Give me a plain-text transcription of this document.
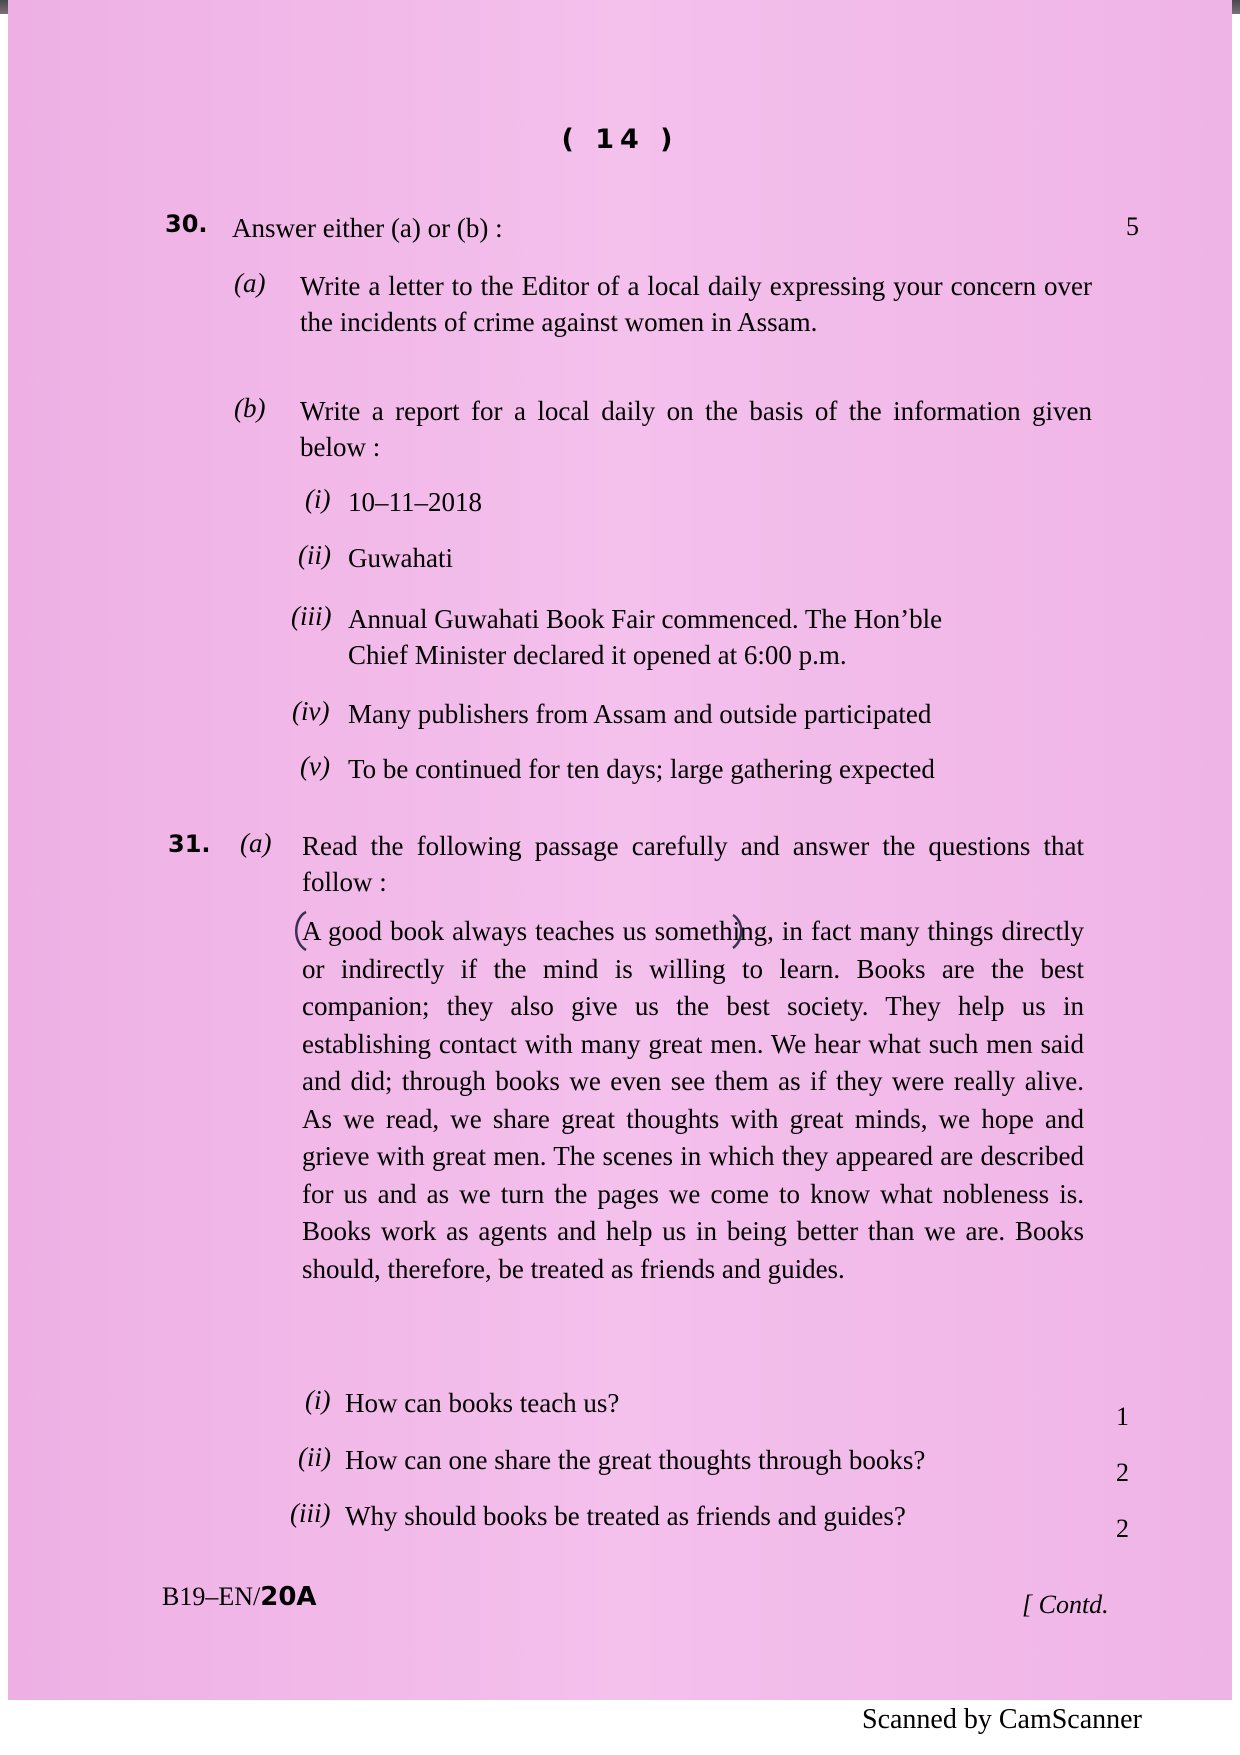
( 14 )
30. Answer either (a) or (b) :	5
(a) Write a letter to the Editor of a local daily expressing your concern over the incidents of crime against women in Assam.
(b) Write a report for a local daily on the basis of the information given below :
(i) 10–11–2018
(ii) Guwahati
(iii) Annual Guwahati Book Fair commenced. The Hon’ble
Chief Minister declared it opened at 6:00 p.m.
(iv) Many publishers from Assam and outside participated
(v) To be continued for ten days; large gathering expected
31. (a) Read the following passage carefully and answer the questions that follow :
A good book always teaches us something, in fact many things directly or indirectly if the mind is willing to learn. Books are the best companion; they also give us the best society. They help us in establishing contact with many great men. We hear what such men said and did; through books we even see them as if they were really alive. As we read, we share great thoughts with great minds, we hope and grieve with great men. The scenes in which they appeared are described for us and as we turn the pages we come to know what nobleness is. Books work as agents and help us in being better than we are. Books should, therefore, be treated as friends and guides.
(i) How can books teach us?	1
(ii) How can one share the great thoughts through books?	2
(iii) Why should books be treated as friends and guides?	2
B19–EN/20A	[ Contd.
Scanned by CamScanner
